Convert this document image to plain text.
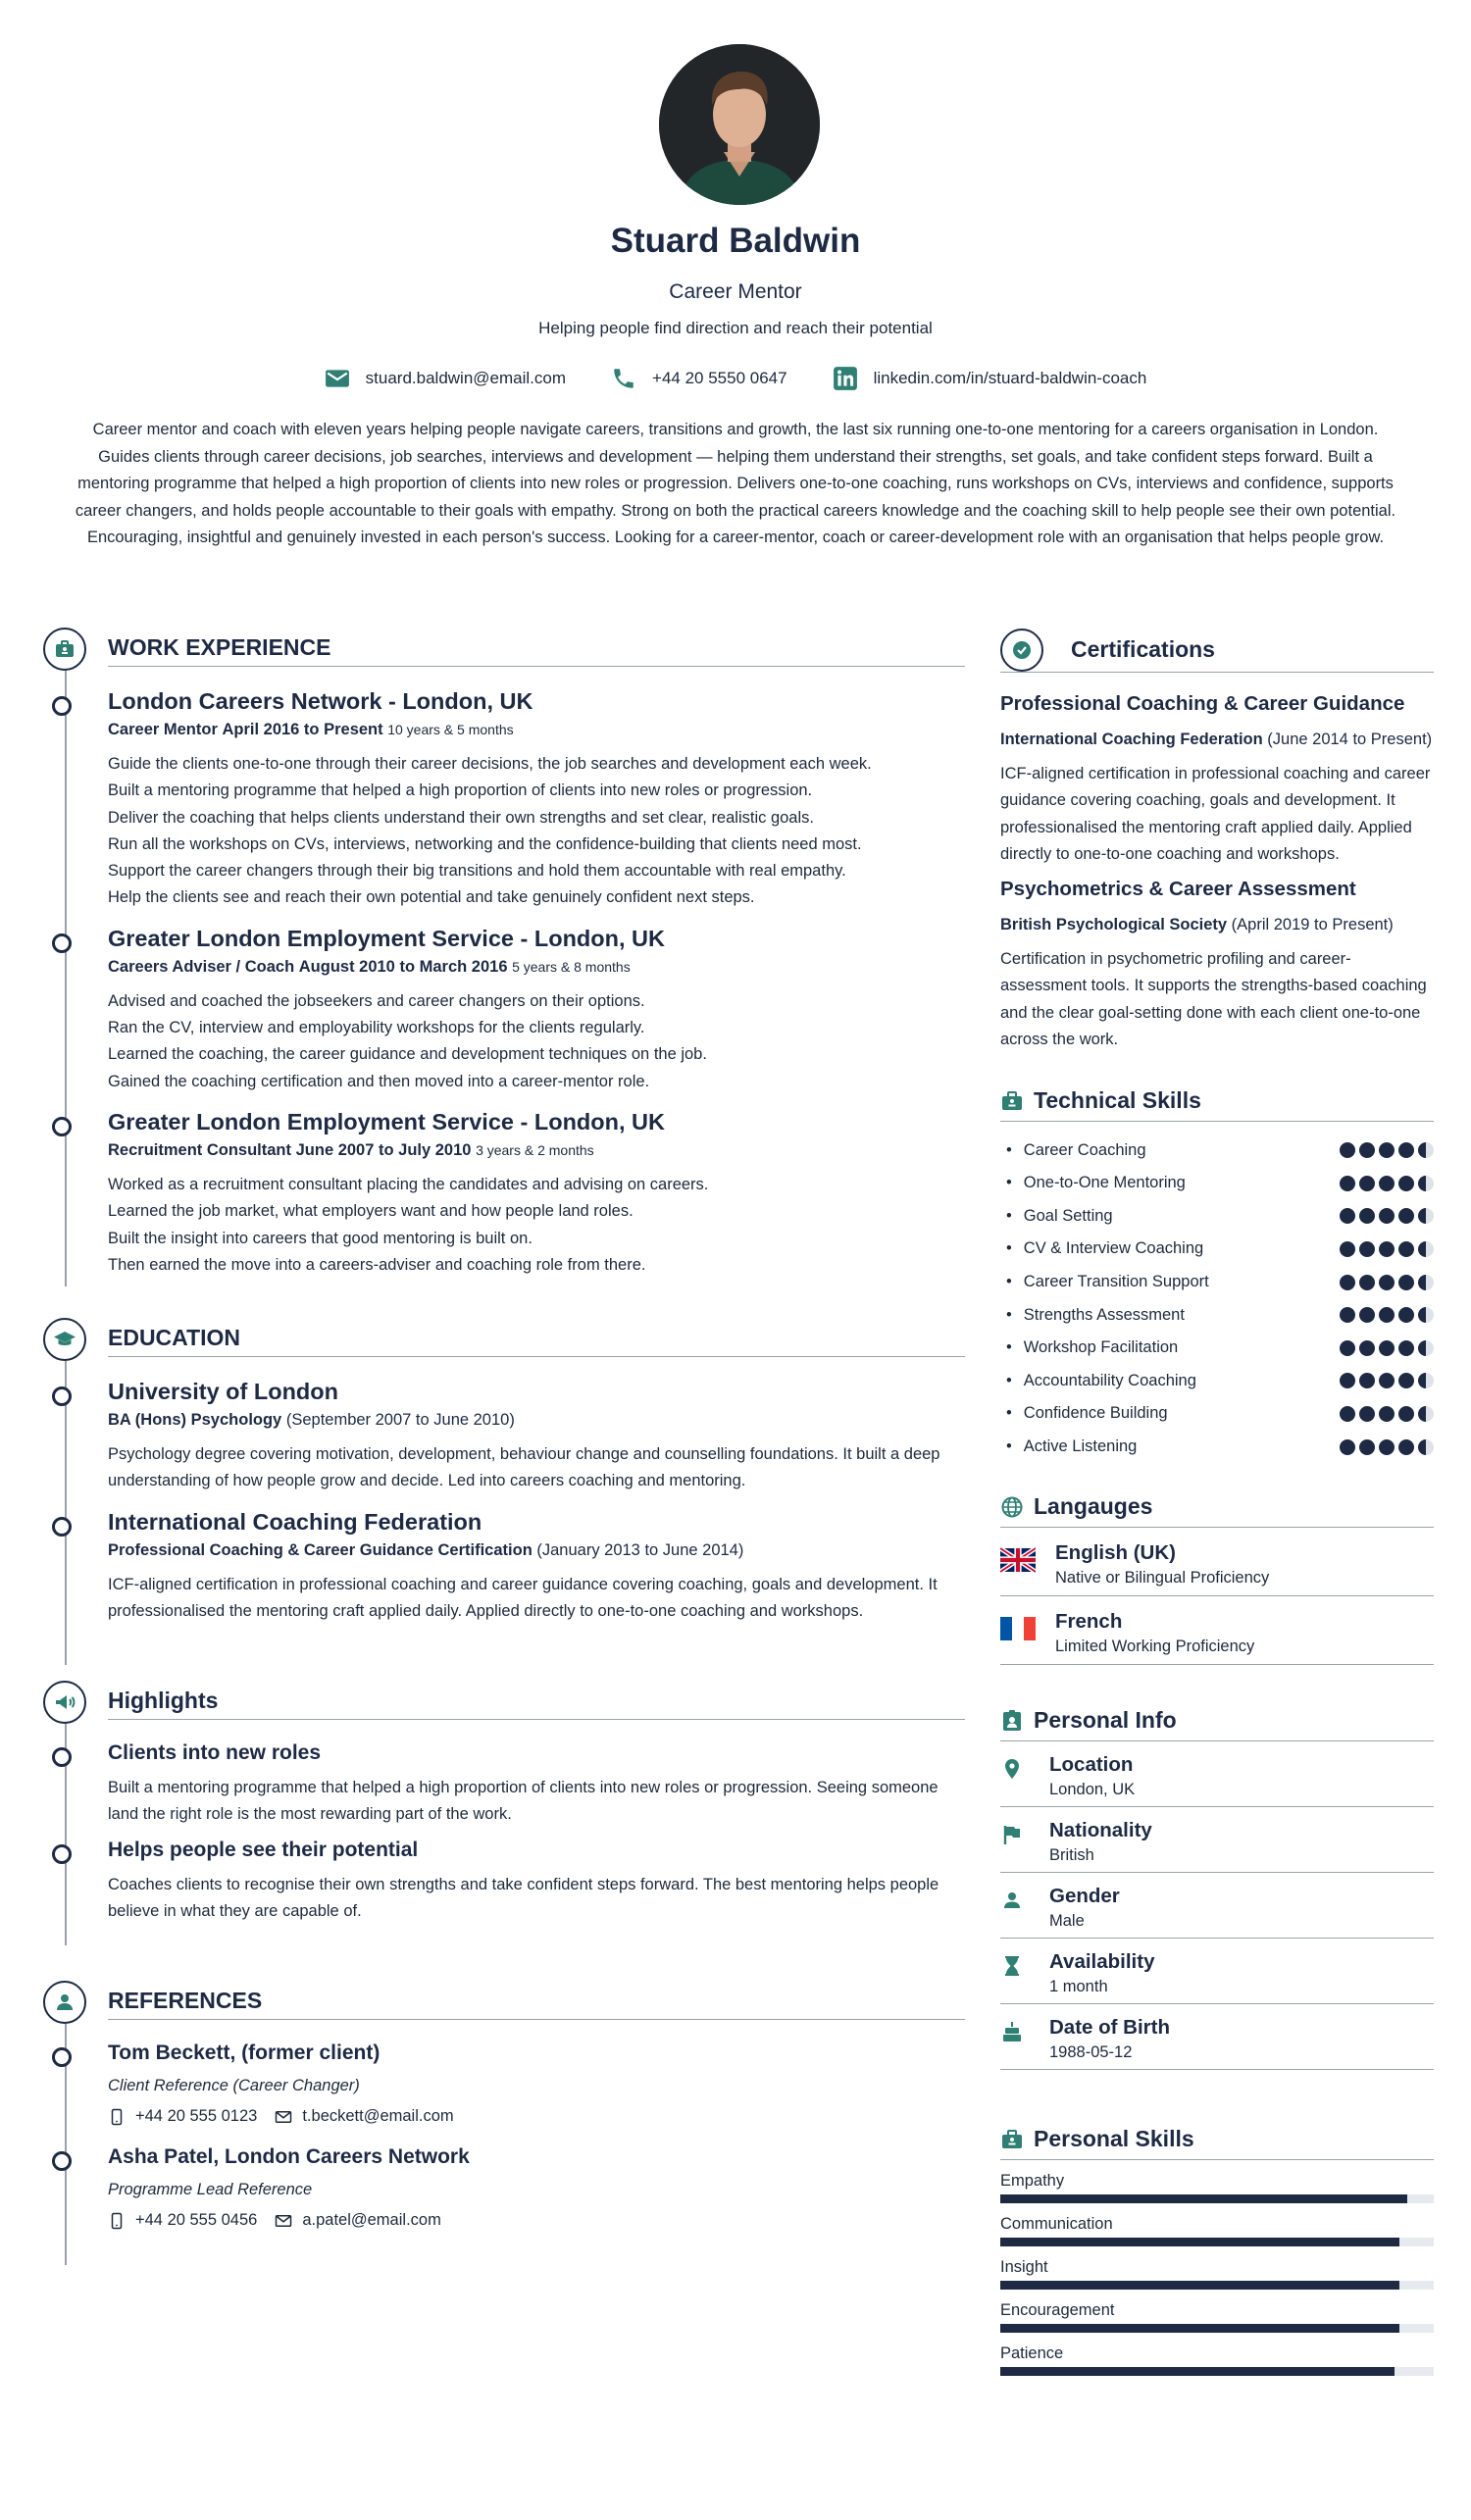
Stuard Baldwin
Career Mentor
Helping people find direction and reach their potential
stuard.baldwin@email.com	+44 20 5550 0647	linkedin.com/in/stuard-baldwin-coach
Career mentor and coach with eleven years helping people navigate careers, transitions and growth, the last six running one-to-one mentoring for a careers organisation in London. Guides clients through career decisions, job searches, interviews and development — helping them understand their strengths, set goals, and take confident steps forward. Built a mentoring programme that helped a high proportion of clients into new roles or progression. Delivers one-to-one coaching, runs workshops on CVs, interviews and confidence, supports career changers, and holds people accountable to their goals with empathy. Strong on both the practical careers knowledge and the coaching skill to help people see their own potential. Encouraging, insightful and genuinely invested in each person's success. Looking for a career-mentor, coach or career-development role with an organisation that helps people grow.
WORK EXPERIENCE
London Careers Network - London, UK
Career Mentor April 2016 to Present 10 years & 5 months
Guide the clients one-to-one through their career decisions, the job searches and development each week.
Built a mentoring programme that helped a high proportion of clients into new roles or progression.
Deliver the coaching that helps clients understand their own strengths and set clear, realistic goals.
Run all the workshops on CVs, interviews, networking and the confidence-building that clients need most.
Support the career changers through their big transitions and hold them accountable with real empathy.
Help the clients see and reach their own potential and take genuinely confident next steps.
Greater London Employment Service - London, UK
Careers Adviser / Coach August 2010 to March 2016 5 years & 8 months
Advised and coached the jobseekers and career changers on their options.
Ran the CV, interview and employability workshops for the clients regularly.
Learned the coaching, the career guidance and development techniques on the job.
Gained the coaching certification and then moved into a career-mentor role.
Greater London Employment Service - London, UK
Recruitment Consultant June 2007 to July 2010 3 years & 2 months
Worked as a recruitment consultant placing the candidates and advising on careers.
Learned the job market, what employers want and how people land roles.
Built the insight into careers that good mentoring is built on.
Then earned the move into a careers-adviser and coaching role from there.
EDUCATION
University of London
BA (Hons) Psychology (September 2007 to June 2010)
Psychology degree covering motivation, development, behaviour change and counselling foundations. It built a deep understanding of how people grow and decide. Led into careers coaching and mentoring.
International Coaching Federation
Professional Coaching & Career Guidance Certification (January 2013 to June 2014)
ICF-aligned certification in professional coaching and career guidance covering coaching, goals and development. It professionalised the mentoring craft applied daily. Applied directly to one-to-one coaching and workshops.
Highlights
Clients into new roles
Built a mentoring programme that helped a high proportion of clients into new roles or progression. Seeing someone land the right role is the most rewarding part of the work.
Helps people see their potential
Coaches clients to recognise their own strengths and take confident steps forward. The best mentoring helps people believe in what they are capable of.
REFERENCES
Tom Beckett, (former client)
Client Reference (Career Changer)
+44 20 555 0123	t.beckett@email.com
Asha Patel, London Careers Network
Programme Lead Reference
+44 20 555 0456	a.patel@email.com
Certifications
Professional Coaching & Career Guidance
International Coaching Federation (June 2014 to Present)
ICF-aligned certification in professional coaching and career guidance covering coaching, goals and development. It professionalised the mentoring craft applied daily. Applied directly to one-to-one coaching and workshops.
Psychometrics & Career Assessment
British Psychological Society (April 2019 to Present)
Certification in psychometric profiling and career-assessment tools. It supports the strengths-based coaching and the clear goal-setting done with each client one-to-one across the work.
Technical Skills
• Career Coaching
• One-to-One Mentoring
• Goal Setting
• CV & Interview Coaching
• Career Transition Support
• Strengths Assessment
• Workshop Facilitation
• Accountability Coaching
• Confidence Building
• Active Listening
Langauges
English (UK)
Native or Bilingual Proficiency
French
Limited Working Proficiency
Personal Info
Location
London, UK
Nationality
British
Gender
Male
Availability
1 month
Date of Birth
1988-05-12
Personal Skills
Empathy
Communication
Insight
Encouragement
Patience
